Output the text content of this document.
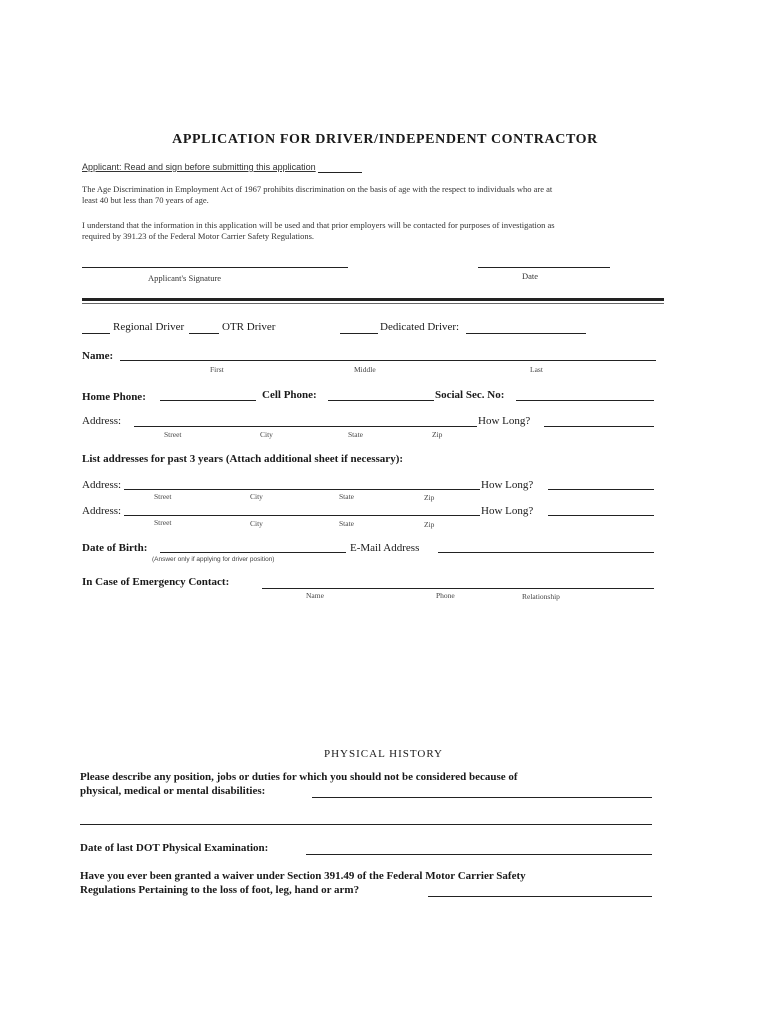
APPLICATION FOR DRIVER/INDEPENDENT CONTRACTOR
Applicant: Read and sign before submitting this application
The Age Discrimination in Employment Act of 1967 prohibits discrimination on the basis of age with the respect to individuals who are at
least 40 but less than 70 years of age.
I understand that the information in this application will be used and that prior employers will be contacted for purposes of investigation as
required by 391.23 of the Federal Motor Carrier Safety Regulations.
Applicant's Signature	Date
Regional Driver	OTR Driver	Dedicated Driver:
Name:
First	Middle	Last
Home Phone:	Cell Phone:	Social Sec. No:
Address:	How Long?
Street	City	State	Zip
List addresses for past 3 years (Attach additional sheet if necessary):
Address:	How Long?
Street	City	State	Zip
Address:	How Long?
Street	City	State	Zip
Date of Birth:
(Answer only if applying for driver position)
E-Mail Address
In Case of Emergency Contact:
Name	Phone	Relationship
PHYSICAL HISTORY
Please describe any position, jobs or duties for which you should not be considered because of
physical, medical or mental disabilities:
Date of last DOT Physical Examination:
Have you ever been granted a waiver under Section 391.49 of the Federal Motor Carrier Safety
Regulations Pertaining to the loss of foot, leg, hand or arm?
